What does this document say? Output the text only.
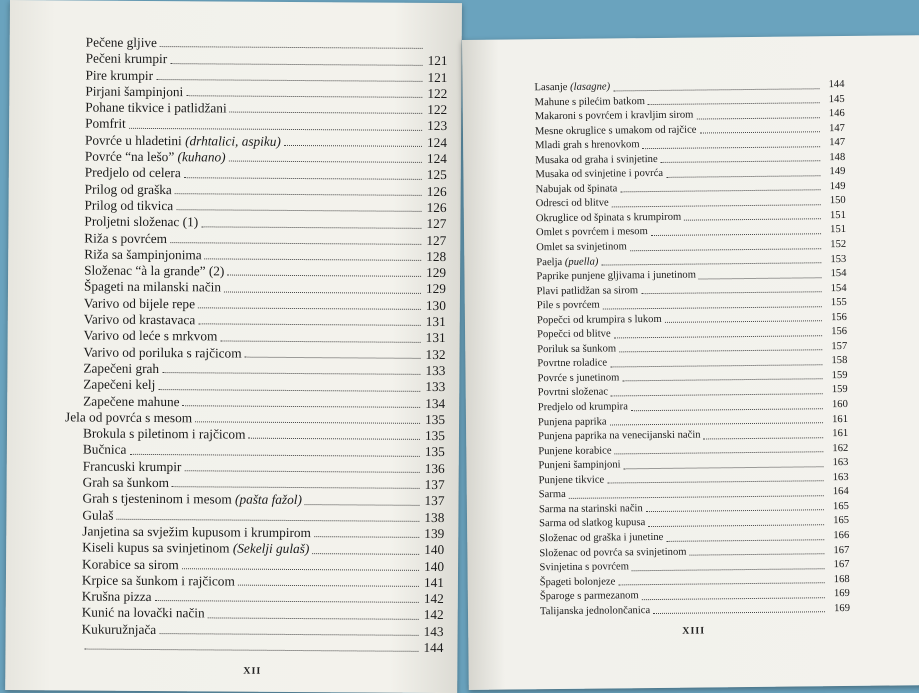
Pečene gljive
Pečeni krumpir	121
Pire krumpir	121
Pirjani šampinjoni	122
Pohane tikvice i patlidžani	122
Pomfrit	123
Povrće u hladetini (drhtalici, aspiku)	124
Povrće “na lešo” (kuhano)	124
Predjelo od celera	125
Prilog od graška	126
Prilog od tikvica	126
Proljetni složenac (1)	127
Riža s povrćem	127
Riža sa šampinjonima	128
Složenac “à la grande” (2)	129
Špageti na milanski način	129
Varivo od bijele repe	130
Varivo od krastavaca	131
Varivo od leće s mrkvom	131
Varivo od poriluka s rajčicom	132
Zapečeni grah	133
Zapečeni kelj	133
Zapečene mahune	134
Jela od povrća s mesom	135
Brokula s piletinom i rajčicom	135
Bučnica	135
Francuski krumpir	136
Grah sa šunkom	137
Grah s tjesteninom i mesom (pašta fažol)	137
Gulaš	138
Janjetina sa svježim kupusom i krumpirom	139
Kiseli kupus sa svinjetinom (Sekelji gulaš)	140
Korabice sa sirom	140
Krpice sa šunkom i rajčicom	141
Krušna pizza	142
Kunić na lovački način	142
Kukuružnjača	143
144
XII
Lasanje (lasagne)	144
Mahune s pilećim batkom	145
Makaroni s povrćem i kravljim sirom	146
Mesne okruglice s umakom od rajčice	147
Mladi grah s hrenovkom	147
Musaka od graha i svinjetine	148
Musaka od svinjetine i povrća	149
Nabujak od špinata	149
Odresci od blitve	150
Okruglice od špinata s krumpirom	151
Omlet s povrćem i mesom	151
Omlet sa svinjetinom	152
Paelja (puella)	153
Paprike punjene gljivama i junetinom	154
Plavi patlidžan sa sirom	154
Pile s povrćem	155
Popečci od krumpira s lukom	156
Popečci od blitve	156
Poriluk sa šunkom	157
Povrtne roladice	158
Povrće s junetinom	159
Povrtni složenac	159
Predjelo od krumpira	160
Punjena paprika	161
Punjena paprika na venecijanski način	161
Punjene korabice	162
Punjeni šampinjoni	163
Punjene tikvice	163
Sarma	164
Sarma na starinski način	165
Sarma od slatkog kupusa	165
Složenac od graška i junetine	166
Složenac od povrća sa svinjetinom	167
Svinjetina s povrćem	167
Špageti bolonjeze	168
Šparoge s parmezanom	169
Talijanska jednolončanica	169
XIII
